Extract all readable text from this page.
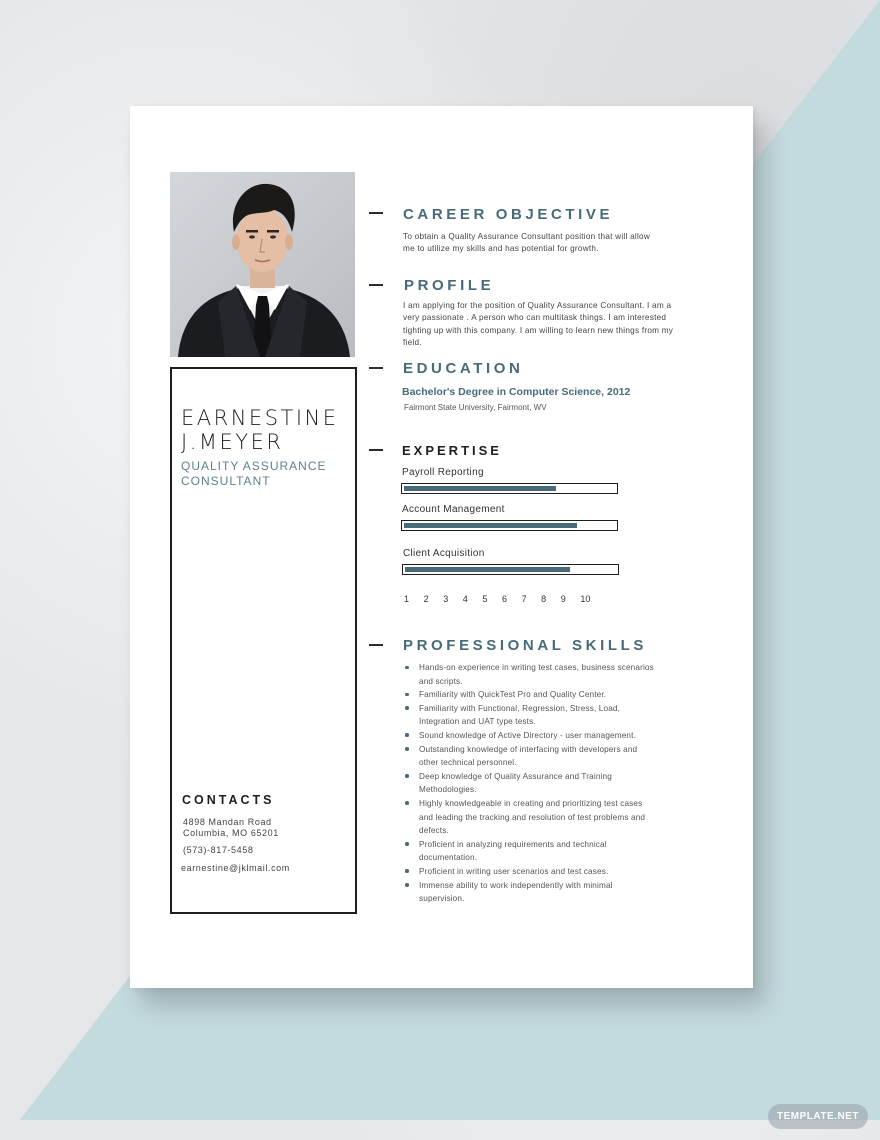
EARNESTINE
J.MEYER
QUALITY ASSURANCE
CONSULTANT
CONTACTS
4898 Mandan Road
Columbia, MO 65201
(573)-817-5458
earnestine@jklmail.com
CAREER OBJECTIVE
To obtain a Quality Assurance Consultant position that will allow
me to utilize my skills and has potential for growth.
PROFILE
I am applying for the position of Quality Assurance Consultant. I am a
very passionate . A person who can multitask things. I am interested
tighting up with this company. I am willing to learn new things from my
field.
EDUCATION
Bachelor's Degree in Computer Science, 2012
Fairmont State University, Fairmont, WV
EXPERTISE
Payroll Reporting
Account Management
Client Acquisition
1	2	3	4	5	6	7	8	9	10
PROFESSIONAL SKILLS
Hands-on experience in writing test cases, business scenarios
and scripts.
Familiarity with QuickTest Pro and Quality Center.
Familiarity with Functional, Regression, Stress, Load,
Integration and UAT type tests.
Sound knowledge of Active Directory - user management.
Outstanding knowledge of interfacing with developers and
other technical personnel.
Deep knowledge of Quality Assurance and Training
Methodologies.
Highly knowledgeable in creating and prioritizing test cases
and leading the tracking and resolution of test problems and
defects.
Proficient in analyzing requirements and technical
documentation.
Proficient in writing user scenarios and test cases.
Immense ability to work independently with minimal
supervision.
TEMPLATE.NET
